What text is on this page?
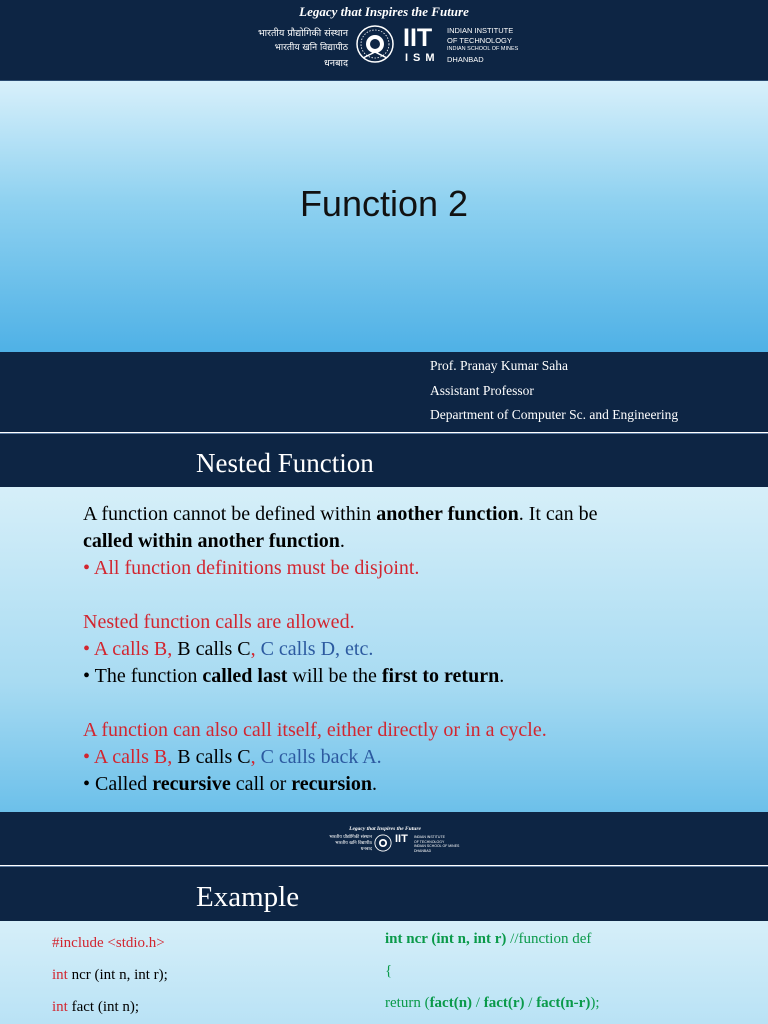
Legacy that Inspires the Future
भारतीय प्रौद्योगिकी संस्थान
भारतीय खनि विद्यापीठ
धनबाद
IIT
ISM
INDIAN INSTITUTE
OF TECHNOLOGY
INDIAN SCHOOL OF MINES
DHANBAD
Function 2
Prof. Pranay Kumar Saha
Assistant Professor
Department of Computer Sc. and Engineering
Nested Function

A function cannot be defined within another function. It can be

called within another function.

• All function definitions must be disjoint.

Nested function calls are allowed.

• A calls B, B calls C, C calls D, etc.

• The function called last will be the first to return.

A function can also call itself, either directly or in a cycle.

• A calls B, B calls C, C calls back A.

• Called recursive call or recursion.

Legacy that Inspires the Future
भारतीय प्रौद्योगिकी संस्थान
भारतीय खनि विद्यापीठ
धनबाद
IIT INDIAN INSTITUTE
OF TECHNOLOGY
INDIAN SCHOOL OF MINES
DHANBAD
Example
#include <stdio.h>
int ncr (int n, int r);
int fact (int n);
int ncr (int n, int r) //function def
{
return (fact(n) / fact(r) / fact(n-r));
